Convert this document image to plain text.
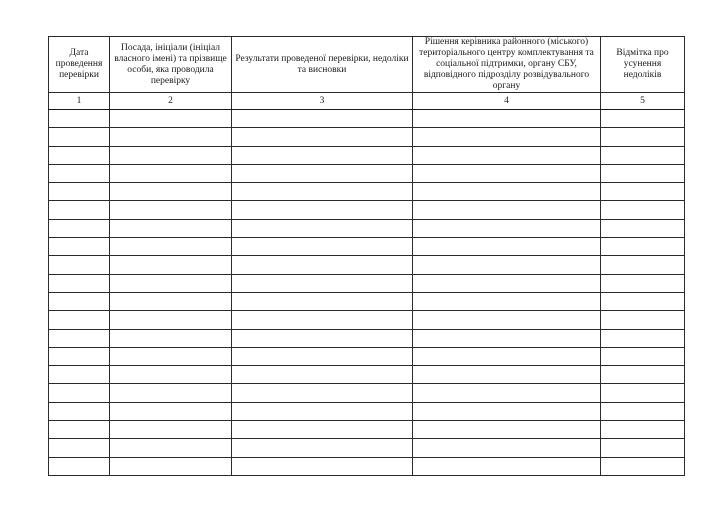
Дата проведення перевірки	Посада, ініціали (ініціал власного імені) та прізвище особи, яка проводила перевірку	Результати проведеної перевірки, недоліки та висновки	Рішення керівника районного (міського) територіального центру комплектування та соціальної підтримки, органу СБУ, відповідного підрозділу розвідувального органу	Відмітка про усунення недоліків
1	2	3	4	5
